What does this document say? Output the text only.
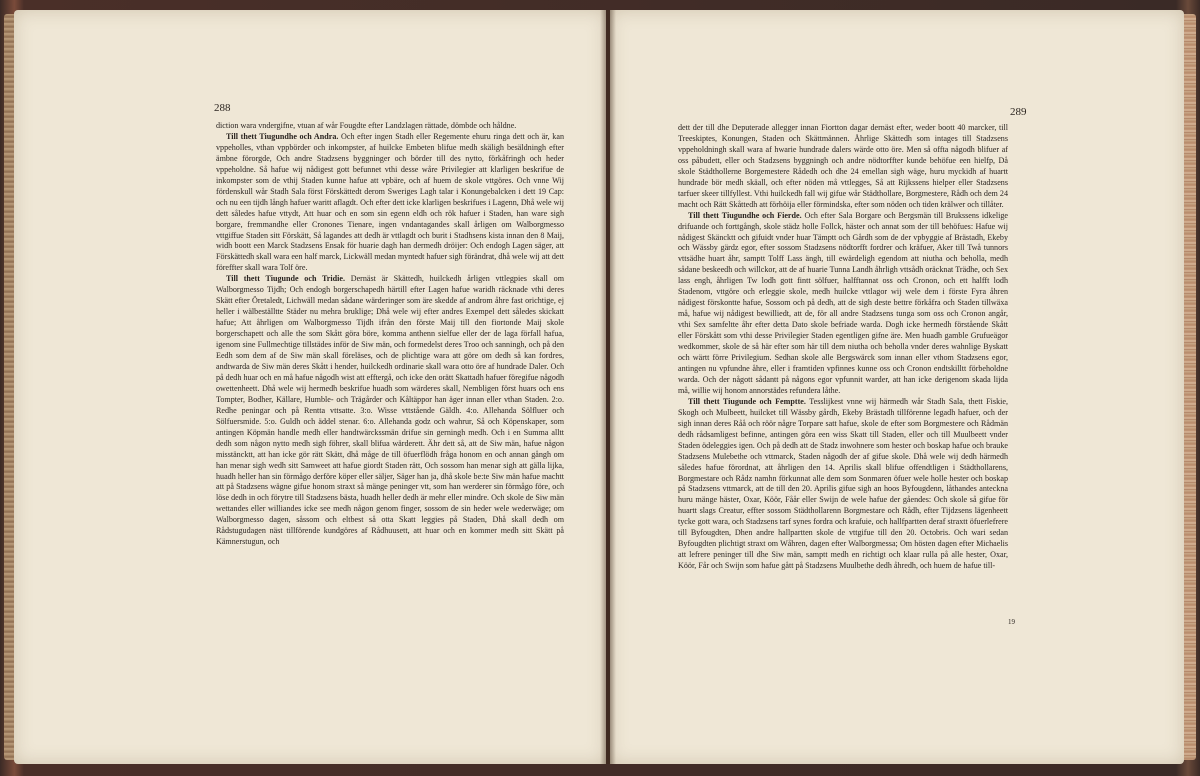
288

diction wara vndergifne, vtuan af wår Fougdte efter Landzlagen rättade, dömbde och håldne.

Till thett Tiugundhe och Andra. Och efter ingen Stadh eller Regemente ehuru ringa dett och är, kan vppeholles, vthan vppbörder och inkompster, af huilcke Embeten blifue medh skäligh besäldningh efter ämbne förorgde, Och andre Stadzsens byggninger och börder till des nytto, förkåfringh och heder vppeholdne. Så hafue wij nådigest gott befunnet vthi desse wåre Privilegier att klarligen beskrifue de inkompster som de vthij Staden kunne hafue att vpbäre, och af huem de skole vttgöres. Och vnne Wij fördenskull wår Stadh Sala först Förskättedt derom Sweriges Lagh talar i Konungebalcken i dett 19 Cap: och nu een tijdh långh hafuer waritt aflagdt. Och efter dett icke klarligen beskrifues i Lagenn, Dhå wele wij dett således hafue vttydt, Att huar och en som sin egenn eldh och rök hafuer i Staden, han ware sigh borgare, fremmandhe eller Cronones Tienare, ingen vndantagandes skall årligen om Walborgmesso vttgiffue Staden sitt Förskätt, Så lagandes att dedh är vttlagdt och burit i Stadhsens kista innan den 8 Maij, widh boott een Marck Stadzsens Ensak för huarie dagh han dermedh dröijer: Och endogh Lagen säger, att Förskättedh skall wara een half marck, Lickwäll medan myntedt hafuer sigh förändrat, dhå wele wij att dett föreffter skall wara Tolf öre.

Till thett Tiugunde och Tridie. Dernäst är Skättedh, huilckedh årligen vttlegpies skall om Walborgmesso Tijdh; Och endogh borgerschapedh härtill efter Lagen hafue waridh räcknade vthi deres Skätt efter Öretaledt, Lichwäll medan sådane wärderinger som äre skedde af androm åhre fast orichtige, ej heller i wälbeställtte Städer nu mehra bruklige; Dhå wele wij efter andres Exempel dett således skickatt hafue; Att åhrligen om Walborgmesso Tijdh ifrån den förste Maij till den fiortonde Maij skole borgerschapett och alle the som Skått göra böre, komma anthenn sielfue eller der de laga förfall hafua, igenom sine Fullmechtige tillstädes inför de Siw män, och formedelst deres Troo och sanningh, och på den Eedh som dem af de Siw män skall föreläses, och de plichtige wara att göre om dedh så kan fordres, andtwarda de Siw män deres Skått i hender, huilckedh ordinarie skall wara otto öre af hundrade Daler. Och på dedh huar och en må hafue någodh wist att efftergå, och icke den orätt Skattadh hafuer föregifue någodh owettenheett. Dhå wele wij hermedh beskrifue huadh som wärderes skall, Nembligen först huars och ens Tompter, Bodher, Källare, Humble- och Trägårder och Kåltäppor han äger innan eller vthan Staden. 2:o. Redhe peningar och på Rentta vttsatte. 3:o. Wisse vttstående Gäldh. 4:o. Allehanda Sölfluer och Sölfuersmide. 5:o. Guldh och äddel stenar. 6:o. Allehanda godz och wahrur, Så och Köpenskaper, som antingen Köpmän handle medh eller handtwärckssmän drifue sin gerningh medh. Och i en Summa alltt dedh som någon nytto medh sigh föhrer, skall blifua wärderett. Ähr dett så, att de Siw män, hafue någon misstäncktt, att han icke gör rätt Skätt, dhå måge de till öfuerflödh fråga honom en och annan gångh om han menar sigh wedh sitt Samweet att hafue giordt Staden rätt, Och sossom han menar sigh att gälla lijka, huadh heller han sin förmågo derföre köper eller säljer, Säger han ja, dhå skole be:te Siw män hafue machtt att på Stadzsens wägne gifue honom straxt så mänge peninger vtt, som han werderer sin förmågo före, och löse dedh in och förytre till Stadzsens bästa, huadh heller dedh är mehr eller mindre. Och skole de Siw män wettandes eller williandes icke see medh någon genom finger, sossom de sin heder wele wederwäge; om Walborgmesso dagen, såssom och eltbest så otta Skatt leggies på Staden, Dhå skall dedh om Rådstugudagen näst tillförende kundgöres af Rådhuusett, att huar och en kommer medh sitt Skätt på Kämnerstugun, och

289

dett der till dhe Deputerade allegger innan Fiortton dagar dernäst efter, weder boott 40 marcker, till Treeskiptes, Konungen, Staden och Skättmännen. Åhrlige Skättedh som intages till Stadzsens vppeholdningh skall wara af hwarie hundrade dalers wärde otto öre. Men så offta någodh blifuer af oss påbudett, eller och Stadzsens byggningh och andre nödtorffter kunde behöfue een hielfp, Då skole Städthollerne Borgemestere Rådedh och dhe 24 emellan sigh wäge, huru myckidh af huartt hundrade bör medh skäall, och efter nöden må vttlegges, Så att Rijkssens hielper eller Stadzsens tarfuer skeer tillfyllest. Vthi huilckedh fall wij gifue wår Städthollare, Borgmestere, Rådh och dem 24 macht och Rätt Skåttedh att förhöija eller förmindska, efter som nöden och tiden krälwer och tillåter.

Till thett Tiugundhe och Fierde. Och efter Sala Borgare och Bergsmän till Brukssens idkelige drifuande och forttgångh, skole städz holle Follck, häster och annat som der till behöfues: Hafue wij nådigest Skäncktt och gifuidt vnder huar Tämptt och Gårdh som de der vpbyggie af Brästadh, Ekeby och Wässby gärdz egor, efter sossom Stadzsens nödtorfft fordrer och kräfuer, Aker till Twå tunnors vttsädhe huart åhr, samptt Tolff Lass ängh, till ewärdeligh egendom att niutha och beholla, medh sådane beskeedh och willckor, att de af huarie Tunna Landh åhrligh vttsådh oräcknat Trädhe, och Sex lass engh, åhrligen Tw lodh gott fintt sölfuer, halfftannat oss och Cronon, och ett halfft lodh Stadenom, vttgöre och erleggie skole, medh huilcke vttlagor wij wele dem i förste Fyra åhren nådigest förskontte hafue, Sossom och på dedh, att de sigh deste bettre förkåfra och Staden tillwäxa må, hafue wij nådigest bewilliedt, att de, för all andre Stadzsens tunga som oss och Cronon angår, vthi Sex samfeltte åhr efter detta Dato skole befriade warda. Dogh icke hermedh förstående Skått eller Förskått som vthi desse Privilegier Staden egentligen gifne äre. Men huadh gamble Grufueägor wedkommer, skole de så här efter som här till dem niutha och beholla vnder deres wahnlige Byskatt och wärtt förre Privilegium. Sedhan skole alle Bergswärck som innan eller vthom Stadzsens egor, antingen nu vpfundne åhre, eller i framtiden vpfinnes kunne oss och Cronon endtskilltt förbeholdne warda. Och der någott sådantt på någons egor vpfunnit warder, att han icke derigenom skada lijda må, willie wij honom annorstädes refundera låthe.

Till thett Tiugunde och Femptte. Tesslijkest vnne wij härmedh wår Stadh Sala, thett Fiskie, Skogh och Mulbeett, huilcket till Wässby gårdh, Ekeby Brästadh tillförenne legadh hafuer, och der sigh innan deres Råå och röör någre Torpare satt hafue, skole de efter som Borgmestere och Rådmän dedh rådsamligest befinne, antingen göra een wiss Skatt till Staden, eller och till Muulbeett vnder Staden ödeleggies igen. Och på dedh att de Stadz inwohnere som hester och boskap hafue och brauke Stadzsens Mulebethe och vttmarck, Staden någodh der af gifue skole. Dhå wele wij dedh härmedh således hafue förordnat, att åhrligen den 14. Aprilis skall blifue offendtligen i Städthollarens, Borgmestare och Rådz namhn förkunnat alle dem som Sonmaren öfuer wele holle hester och boskap på Stadzsens vttmarck, att de till den 20. Aprilis gifue sigh an hoos Byfougdenn, låthandes anteckna huru mänge häster, Oxar, Köör, Fåår eller Swijn de wele hafue der gåendes: Och skole så gifue för huartt slags Creatur, effter sossom Städthollarenn Borgmestare och Rådh, efter Tijdzsens lägenheett tycke gott wara, och Stadzsens tarf synes fordra och krafuie, och hallfpartten deraf straxtt öfuerlefrere till Byfougdten, Dhen andre hallpartten skole de vttgifue till den 20. Octobris. Och wari sedan Byfougdten plichtigt straxt om Wåhren, dagen efter Walborgmessa; Om hösten dagen efter Michaelis att lefrere peninger till dhe Siw män, samptt medh en richtigt och klaar rulla på alle hester, Oxar, Köör, Får och Swijn som hafue gått på Stadzsens Muulbethe dedh åhredh, och huem de hafue till-

19
